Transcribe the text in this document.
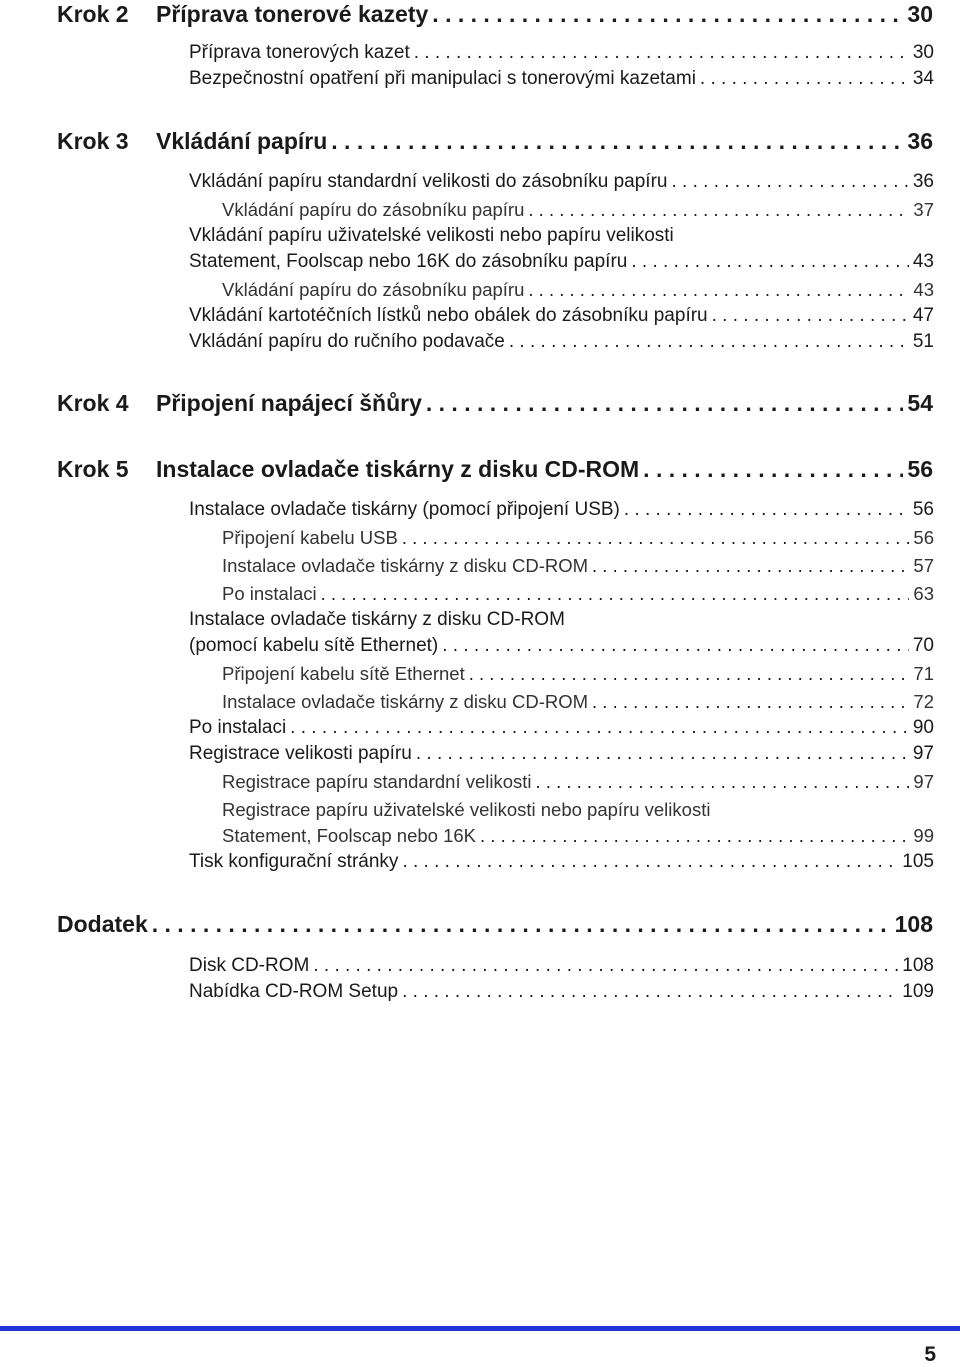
Krok 2	Příprava tonerové kazety . . .	30
Příprava tonerových kazet . . .	30
Bezpečnostní opatření při manipulaci s tonerovými kazetami . . .	34
Krok 3	Vkládání papíru . . .	36
Vkládání papíru standardní velikosti do zásobníku papíru . . .	36
Vkládání papíru do zásobníku papíru . . .	37
Vkládání papíru uživatelské velikosti nebo papíru velikosti
Statement, Foolscap nebo 16K do zásobníku papíru . . .	43
Vkládání papíru do zásobníku papíru . . .	43
Vkládání kartotéčních lístků nebo obálek do zásobníku papíru . . .	47
Vkládání papíru do ručního podavače . . .	51
Krok 4	Připojení napájecí šňůry . . .	54
Krok 5	Instalace ovladače tiskárny z disku CD-ROM . . .	56
Instalace ovladače tiskárny (pomocí připojení USB) . . .	56
Připojení kabelu USB . . .	56
Instalace ovladače tiskárny z disku CD-ROM . . .	57
Po instalaci . . .	63
Instalace ovladače tiskárny z disku CD-ROM
(pomocí kabelu sítě Ethernet) . . .	70
Připojení kabelu sítě Ethernet . . .	71
Instalace ovladače tiskárny z disku CD-ROM . . .	72
Po instalaci . . .	90
Registrace velikosti papíru . . .	97
Registrace papíru standardní velikosti . . .	97
Registrace papíru uživatelské velikosti nebo papíru velikosti
Statement, Foolscap nebo 16K . . .	99
Tisk konfigurační stránky . . .	105
Dodatek . . .	108
Disk CD-ROM . . .	108
Nabídka CD-ROM Setup . . .	109
5
